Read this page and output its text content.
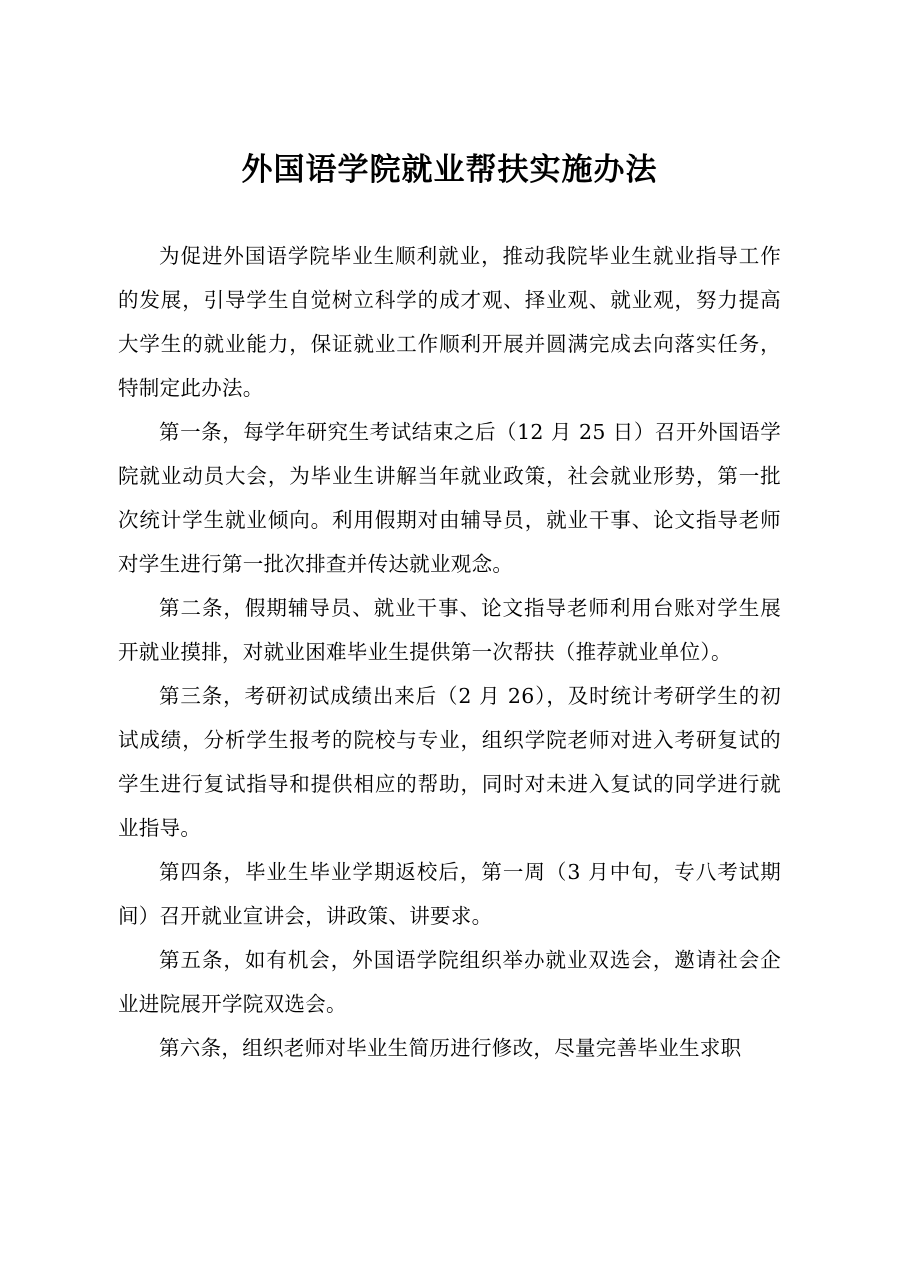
外国语学院就业帮扶实施办法

为促进外国语学院毕业生顺利就业，推动我院毕业生就业指导工作的发展，引导学生自觉树立科学的成才观、择业观、就业观，努力提高大学生的就业能力，保证就业工作顺利开展并圆满完成去向落实任务，特制定此办法。

第一条，每学年研究生考试结束之后（12 月 25 日）召开外国语学院就业动员大会，为毕业生讲解当年就业政策，社会就业形势，第一批次统计学生就业倾向。利用假期对由辅导员，就业干事、论文指导老师对学生进行第一批次排查并传达就业观念。

第二条，假期辅导员、就业干事、论文指导老师利用台账对学生展开就业摸排，对就业困难毕业生提供第一次帮扶（推荐就业单位）。

第三条，考研初试成绩出来后（2 月 26），及时统计考研学生的初试成绩，分析学生报考的院校与专业，组织学院老师对进入考研复试的学生进行复试指导和提供相应的帮助，同时对未进入复试的同学进行就业指导。

第四条，毕业生毕业学期返校后，第一周（3 月中旬，专八考试期间）召开就业宣讲会，讲政策、讲要求。

第五条，如有机会，外国语学院组织举办就业双选会，邀请社会企业进院展开学院双选会。

第六条，组织老师对毕业生简历进行修改，尽量完善毕业生求职
